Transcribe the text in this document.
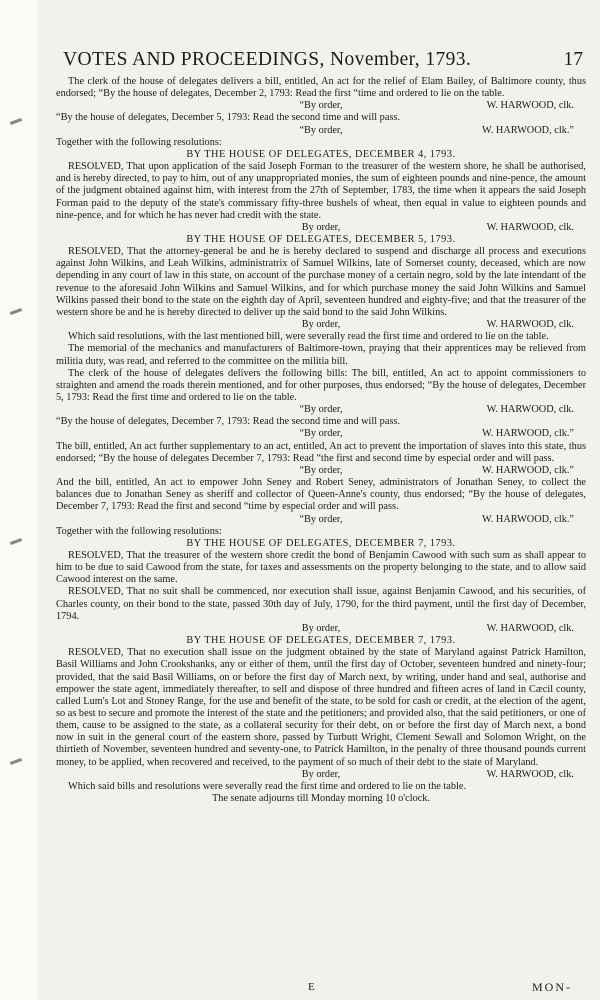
VOTES AND PROCEEDINGS, November, 1793.	17

The clerk of the house of delegates delivers a bill, entitled, An act for the relief of Elam Bailey, of Baltimore county, thus endorsed; “By the house of delegates, December 2, 1793: Read the first “time and ordered to lie on the table.

“By order,	W. HARWOOD, clk.

“By the house of delegates, December 5, 1793: Read the second time and will pass.

“By order,	W. HARWOOD, clk.”

Together with the following resolutions:

BY THE HOUSE OF DELEGATES, DECEMBER 4, 1793.

RESOLVED, That upon application of the said Joseph Forman to the treasurer of the western shore, he shall be authorised, and is hereby directed, to pay to him, out of any unappropriated monies, the sum of eighteen pounds and nine-pence, the amount of the judgment obtained against him, with interest from the 27th of September, 1783, the time when it appears the said Joseph Forman paid to the deputy of the state's commissary fifty-three bushels of wheat, then equal in value to eighteen pounds and nine-pence, and for which he has never had credit with the state.

By order,	W. HARWOOD, clk.

BY THE HOUSE OF DELEGATES, DECEMBER 5, 1793.

RESOLVED, That the attorney-general be and he is hereby declared to suspend and discharge all process and executions against John Wilkins, and Leah Wilkins, administratrix of Samuel Wilkins, late of Somerset county, deceased, which are now depending in any court of law in this state, on account of the purchase money of a certain negro, sold by the late intendant of the revenue to the aforesaid John Wilkins and Samuel Wilkins, and for which purchase money the said John Wilkins and Samuel Wilkins passed their bond to the state on the eighth day of April, seventeen hundred and eighty-five; and that the treasurer of the western shore be and he is hereby directed to deliver up the said bond to the said John Wilkins.

By order,	W. HARWOOD, clk.

Which said resolutions, with the last mentioned bill, were severally read the first time and ordered to lie on the table.

The memorial of the mechanics and manufacturers of Baltimore-town, praying that their apprentices may be relieved from militia duty, was read, and referred to the committee on the militia bill.

The clerk of the house of delegates delivers the following bills: The bill, entitled, An act to appoint commissioners to straighten and amend the roads therein mentioned, and for other purposes, thus endorsed; “By the house of delegates, December 5, 1793: Read the first time and ordered to lie on the table.

“By order,	W. HARWOOD, clk.

“By the house of delegates, December 7, 1793: Read the second time and will pass.

“By order,	W. HARWOOD, clk.”

The bill, entitled, An act further supplementary to an act, entitled, An act to prevent the importation of slaves into this state, thus endorsed; “By the house of delegates December 7, 1793: Read “the first and second time by especial order and will pass.

“By order,	W. HARWOOD, clk.”

And the bill, entitled, An act to empower John Seney and Robert Seney, administrators of Jonathan Seney, to collect the balances due to Jonathan Seney as sheriff and collector of Queen-Anne's county, thus endorsed; “By the house of delegates, December 7, 1793: Read the first and second “time by especial order and will pass.

“By order,	W. HARWOOD, clk.”

Together with the following resolutions:

BY THE HOUSE OF DELEGATES, DECEMBER 7, 1793.

RESOLVED, That the treasurer of the western shore credit the bond of Benjamin Cawood with such sum as shall appear to him to be due to said Cawood from the state, for taxes and assessments on the property belonging to the state, and to allow said Cawood interest on the same.

RESOLVED, That no suit shall be commenced, nor execution shall issue, against Benjamin Cawood, and his securities, of Charles county, on their bond to the state, passed 30th day of July, 1790, for the third payment, until the first day of December, 1794.

By order,	W. HARWOOD, clk.

BY THE HOUSE OF DELEGATES, DECEMBER 7, 1793.

RESOLVED, That no execution shall issue on the judgment obtained by the state of Maryland against Patrick Hamilton, Basil Williams and John Crookshanks, any or either of them, until the first day of October, seventeen hundred and ninety-four; provided, that the said Basil Williams, on or before the first day of March next, by writing, under hand and seal, authorise and empower the state agent, immediately thereafter, to sell and dispose of three hundred and fifteen acres of land in Cæcil county, called Lum's Lot and Stoney Range, for the use and benefit of the state, to be sold for cash or credit, at the election of the agent, so as best to secure and promote the interest of the state and the petitioners; and provided also, that the said petitioners, or one of them, cause to be assigned to the state, as a collateral security for their debt, on or before the first day of March next, a bond now in suit in the general court of the eastern shore, passed by Turbutt Wright, Clement Sewall and Solomon Wright, on the thirtieth of November, seventeen hundred and seventy-one, to Patrick Hamilton, in the penalty of three thousand pounds current money, to be applied, when recovered and received, to the payment of so much of their debt to the state of Maryland.

By order,	W. HARWOOD, clk.

Which said bills and resolutions were severally read the first time and ordered to lie on the table.

The senate adjourns till Monday morning 10 o'clock.

E	MON-
